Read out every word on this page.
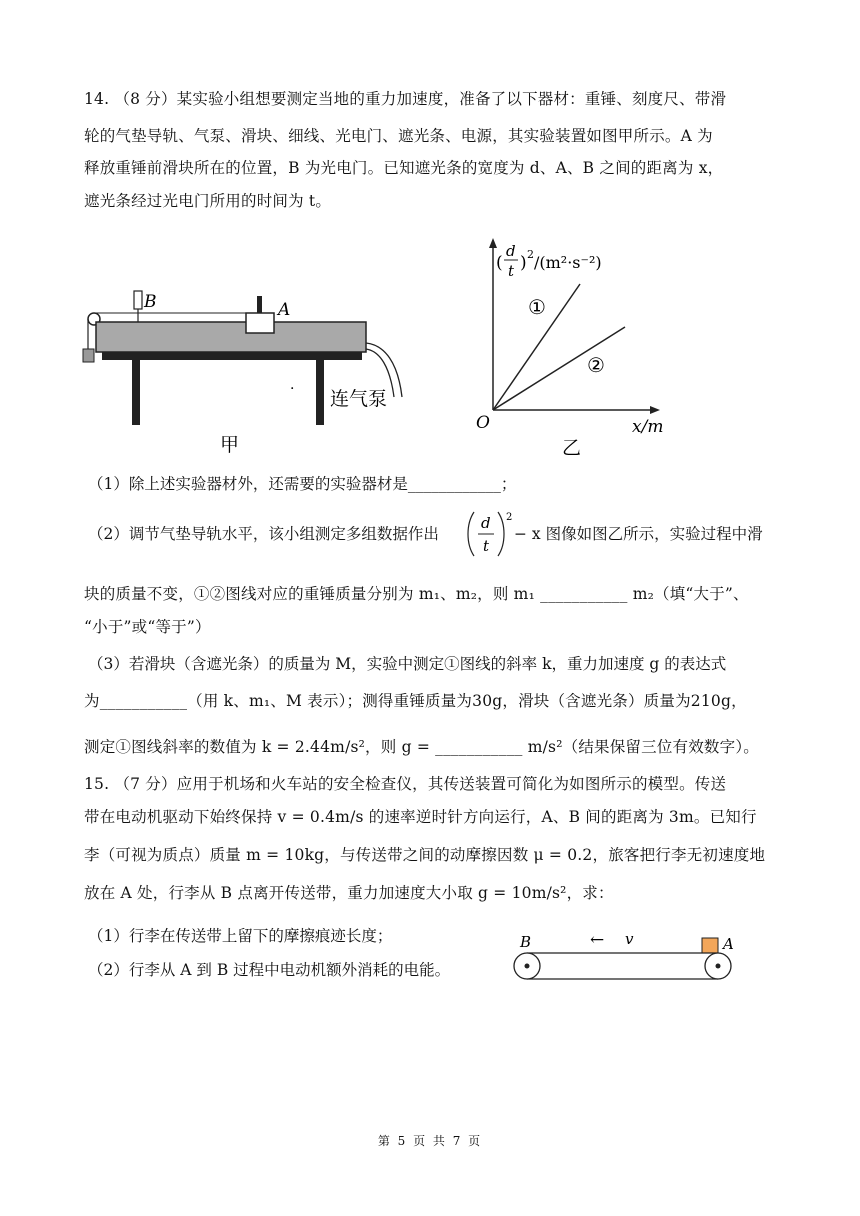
14. （8 分）某实验小组想要测定当地的重力加速度，准备了以下器材：重锤、刻度尺、带滑
轮的气垫导轨、气泵、滑块、细线、光电门、遮光条、电源，其实验装置如图甲所示。A 为
释放重锤前滑块所在的位置，B 为光电门。已知遮光条的宽度为 d、A、B 之间的距离为 x，
遮光条经过光电门所用的时间为 t。
B	A
· 连气泵
甲
(
d
t ) 2 /(m²·s⁻²)
①
②
O	x/m
乙
（1）除上述实验器材外，还需要的实验器材是____________；
（2）调节气垫导轨水平，该小组测定多组数据作出
d
t
2
− x 图像如图乙所示，实验过程中滑
块的质量不变，①②图线对应的重锤质量分别为 m₁、m₂，则 m₁ ___________ m₂（填“大于”、
“小于”或“等于”）
（3）若滑块（含遮光条）的质量为 M，实验中测定①图线的斜率 k，重力加速度 g 的表达式
为___________（用 k、m₁、M 表示）；测得重锤质量为30g，滑块（含遮光条）质量为210g，
测定①图线斜率的数值为 k = 2.44m/s²，则 g = ___________ m/s²（结果保留三位有效数字）。
15. （7 分）应用于机场和火车站的安全检查仪，其传送装置可简化为如图所示的模型。传送
带在电动机驱动下始终保持 v = 0.4m/s 的速率逆时针方向运行，A、B 间的距离为 3m。已知行
李（可视为质点）质量 m = 10kg，与传送带之间的动摩擦因数 μ = 0.2，旅客把行李无初速度地
放在 A 处，行李从 B 点离开传送带，重力加速度大小取 g = 10m/s²，求：
（1）行李在传送带上留下的摩擦痕迹长度；
（2）行李从 A 到 B 过程中电动机额外消耗的电能。
B	← v	A
第 5 页 共 7 页
